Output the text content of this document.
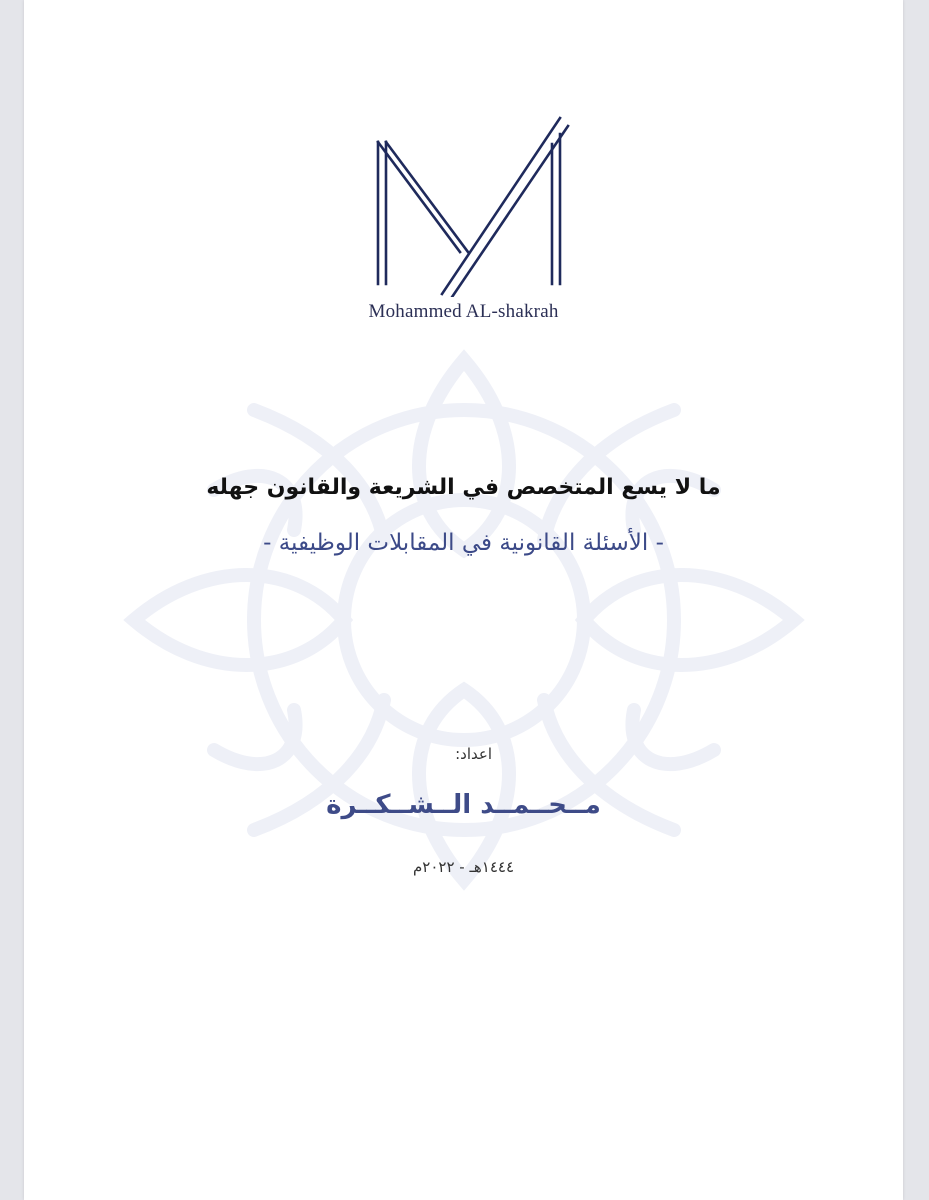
Mohammed AL-shakrah
ما لا يسع المتخصص في الشريعة والقانون جهله
- الأسئلة القانونية في المقابلات الوظيفية -
اعداد:
مــحــمــد الــشــكــرة
١٤٤٤هـ - ٢٠٢٢م
